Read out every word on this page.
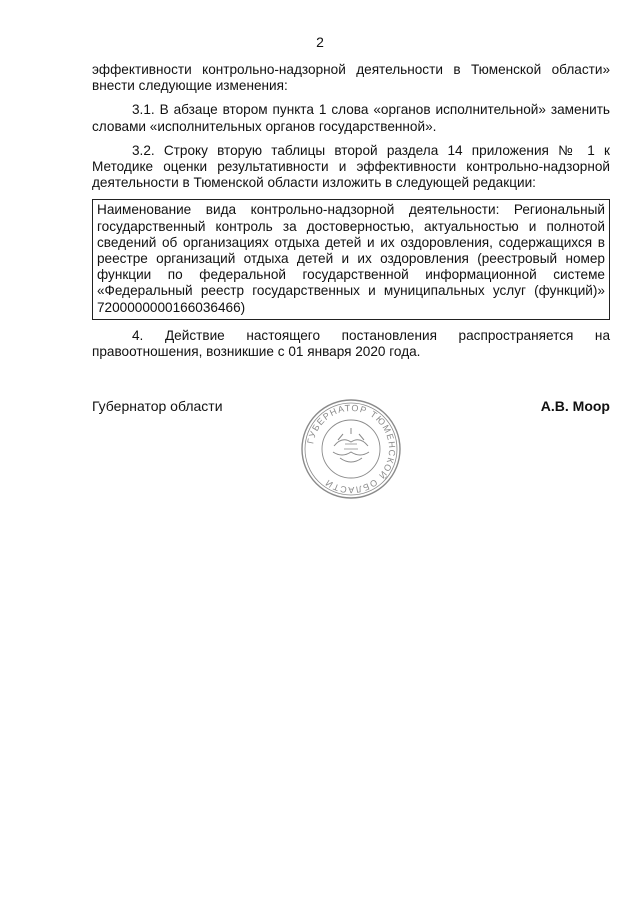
2

эффективности контрольно-надзорной деятельности в Тюменской области» внести следующие изменения:

3.1. В абзаце втором пункта 1 слова «органов исполнительной» заменить словами «исполнительных органов государственной».

3.2. Строку вторую таблицы второй раздела 14 приложения № 1 к Методике оценки результативности и эффективности контрольно-надзорной деятельности в Тюменской области изложить в следующей редакции:

Наименование вида контрольно-надзорной деятельности: Региональный государственный контроль за достоверностью, актуальностью и полнотой сведений об организациях отдыха детей и их оздоровления, содержащихся в реестре организаций отдыха детей и их оздоровления (реестровый номер функции по федеральной государственной информационной системе «Федеральный реестр государственных и муниципальных услуг (функций)» 7200000000166036466)

4. Действие настоящего постановления распространяется на правоотношения, возникшие с 01 января 2020 года.

Губернатор области	А.В. Моор
ГУБЕРНАТОР ТЮМЕНСКОЙ ОБЛАСТИ
